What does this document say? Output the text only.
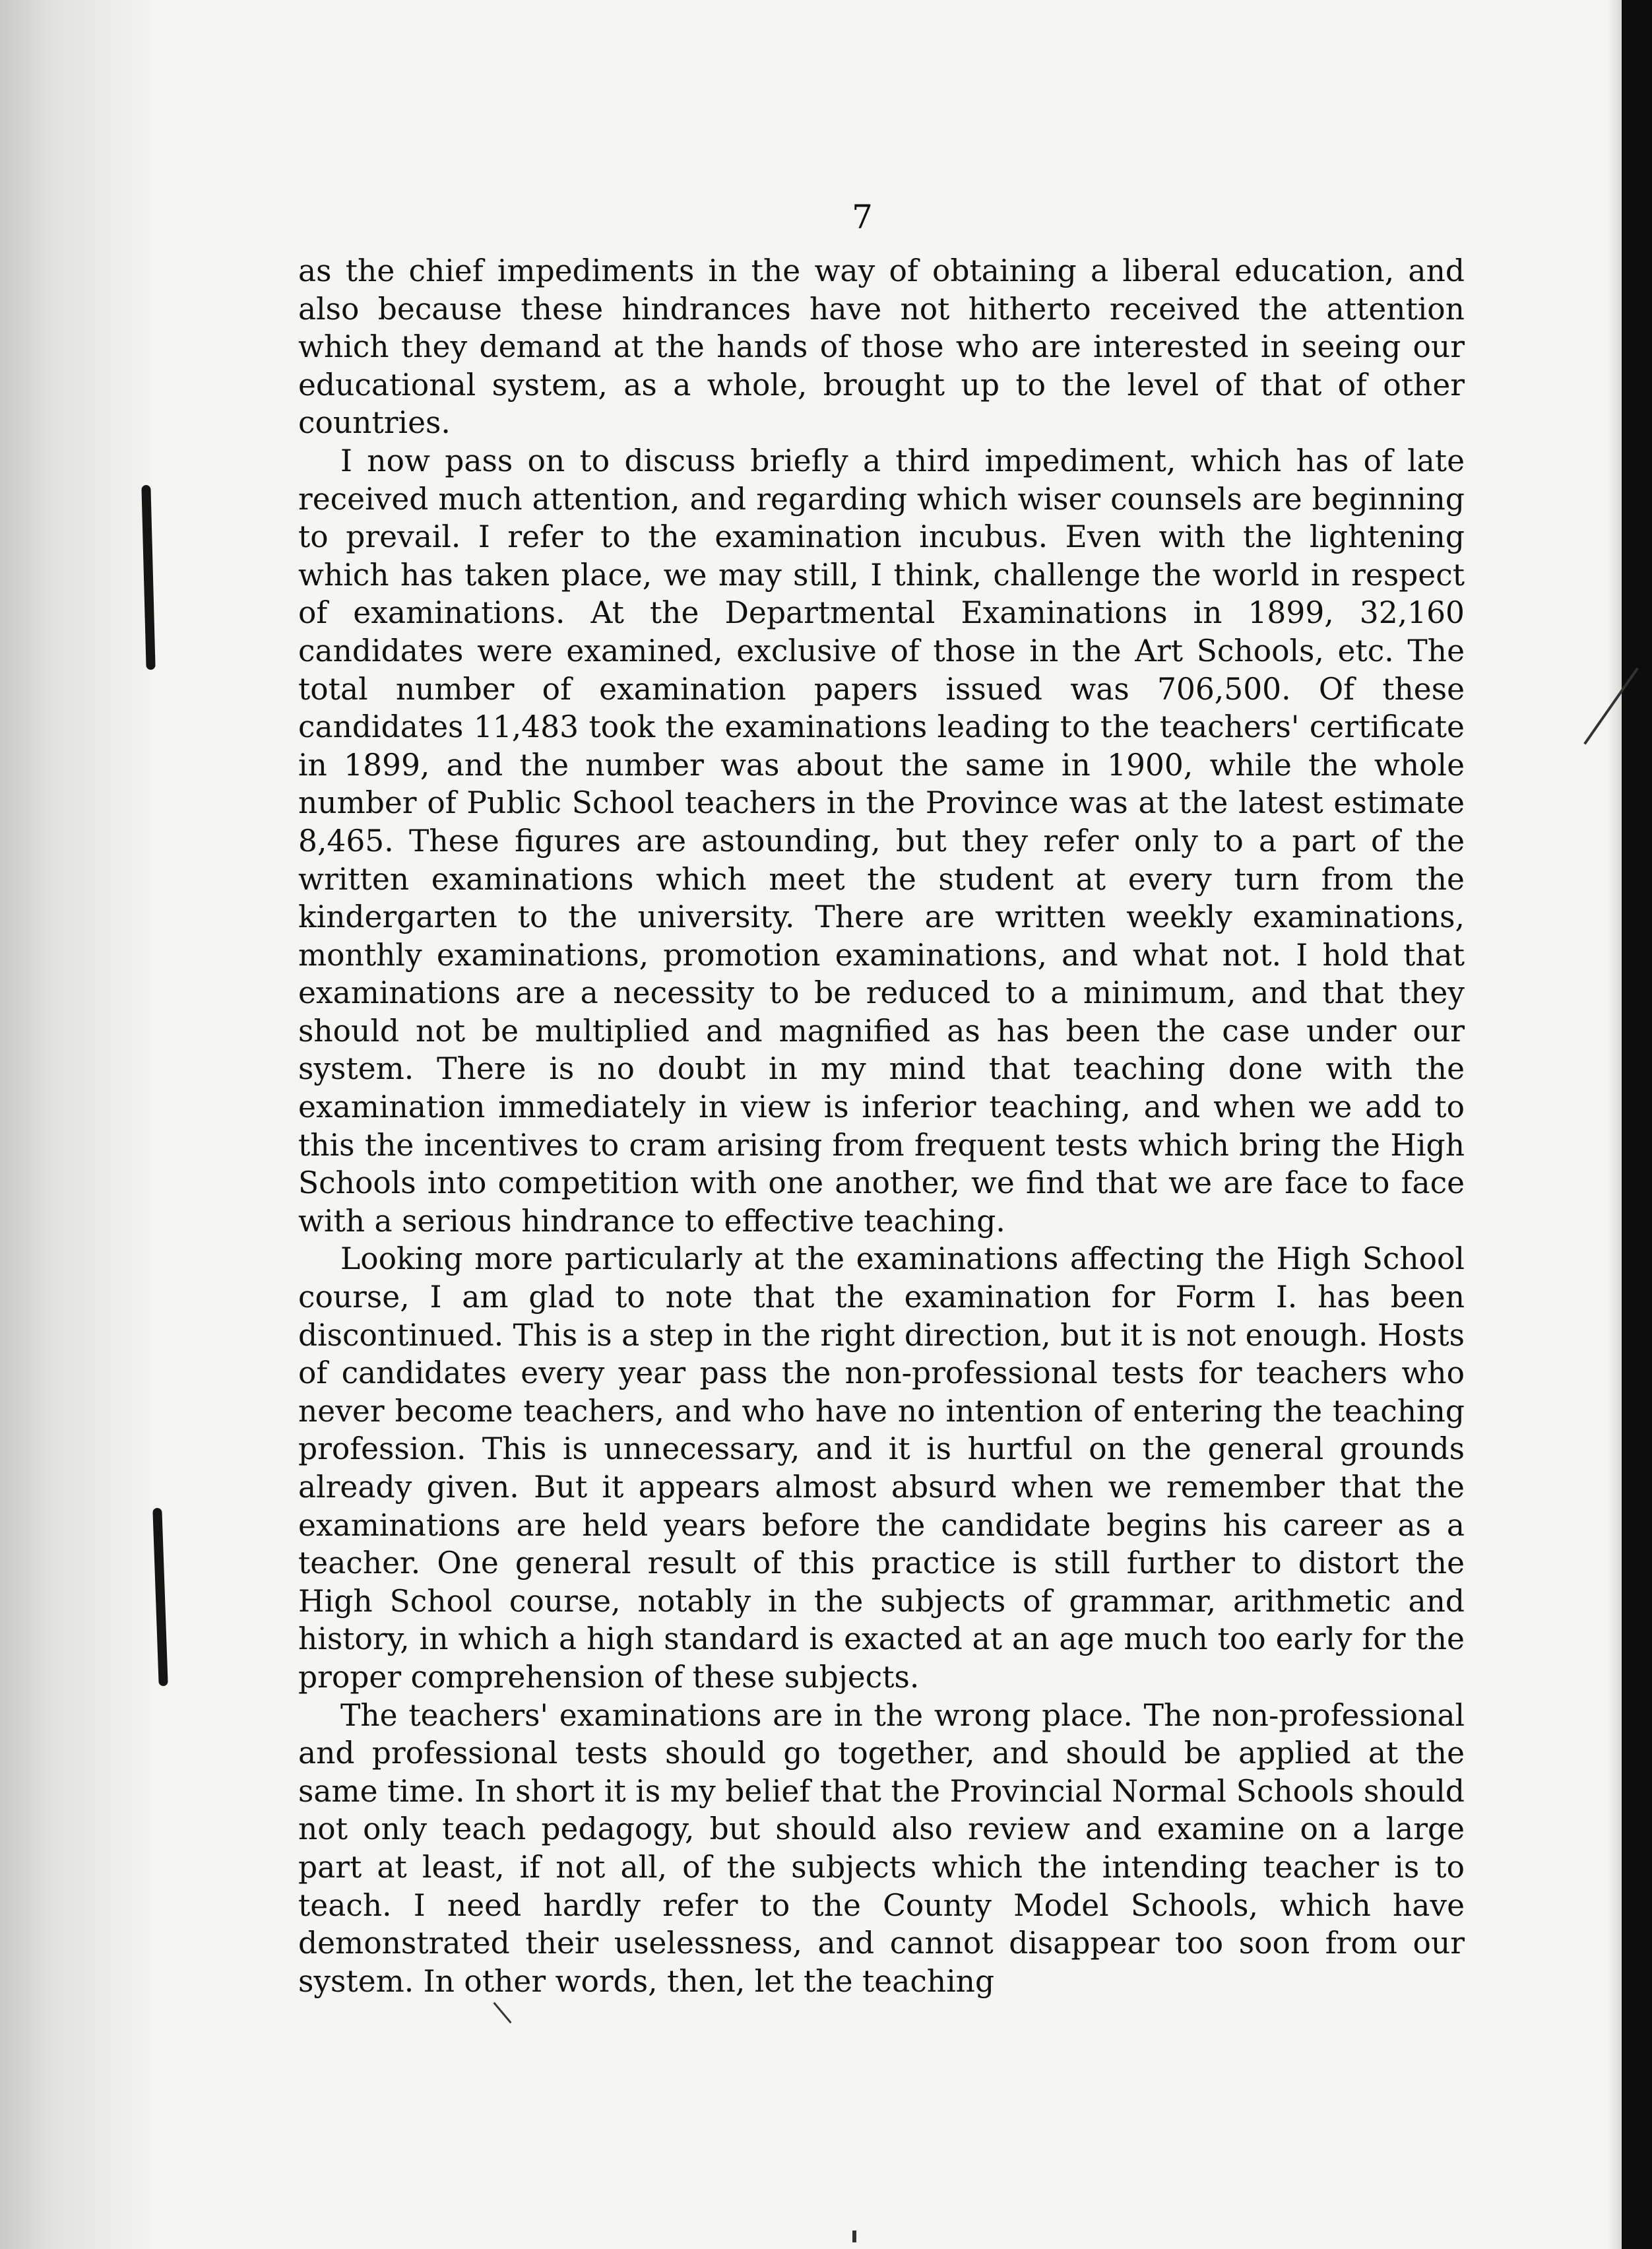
7

as the chief impediments in the way of obtaining a liberal education, and also because these hindrances have not hitherto received the attention which they demand at the hands of those who are interested in seeing our educational system, as a whole, brought up to the level of that of other countries.

I now pass on to discuss briefly a third impediment, which has of late received much attention, and regarding which wiser counsels are beginning to prevail. I refer to the examination incubus. Even with the lightening which has taken place, we may still, I think, challenge the world in respect of examinations. At the Departmental Examinations in 1899, 32,160 candidates were examined, exclusive of those in the Art Schools, etc. The total number of examination papers issued was 706,500. Of these candidates 11,483 took the examinations leading to the teachers' certificate in 1899, and the number was about the same in 1900, while the whole number of Public School teachers in the Province was at the latest estimate 8,465. These figures are astounding, but they refer only to a part of the written examinations which meet the student at every turn from the kindergarten to the university. There are written weekly examinations, monthly examinations, promotion examinations, and what not. I hold that examinations are a necessity to be reduced to a minimum, and that they should not be multiplied and magnified as has been the case under our system. There is no doubt in my mind that teaching done with the examination immediately in view is inferior teaching, and when we add to this the incentives to cram arising from frequent tests which bring the High Schools into competition with one another, we find that we are face to face with a serious hindrance to effective teaching.

Looking more particularly at the examinations affecting the High School course, I am glad to note that the examination for Form I. has been discontinued. This is a step in the right direction, but it is not enough. Hosts of candidates every year pass the non-professional tests for teachers who never become teachers, and who have no intention of entering the teaching profession. This is unnecessary, and it is hurtful on the general grounds already given. But it appears almost absurd when we remember that the examinations are held years before the candidate begins his career as a teacher. One general result of this practice is still further to distort the High School course, notably in the subjects of grammar, arithmetic and history, in which a high standard is exacted at an age much too early for the proper comprehension of these subjects.

The teachers' examinations are in the wrong place. The non-professional and professional tests should go together, and should be applied at the same time. In short it is my belief that the Provincial Normal Schools should not only teach pedagogy, but should also review and examine on a large part at least, if not all, of the subjects which the intending teacher is to teach. I need hardly refer to the County Model Schools, which have demonstrated their uselessness, and cannot disappear too soon from our system. In other words, then, let the teaching
